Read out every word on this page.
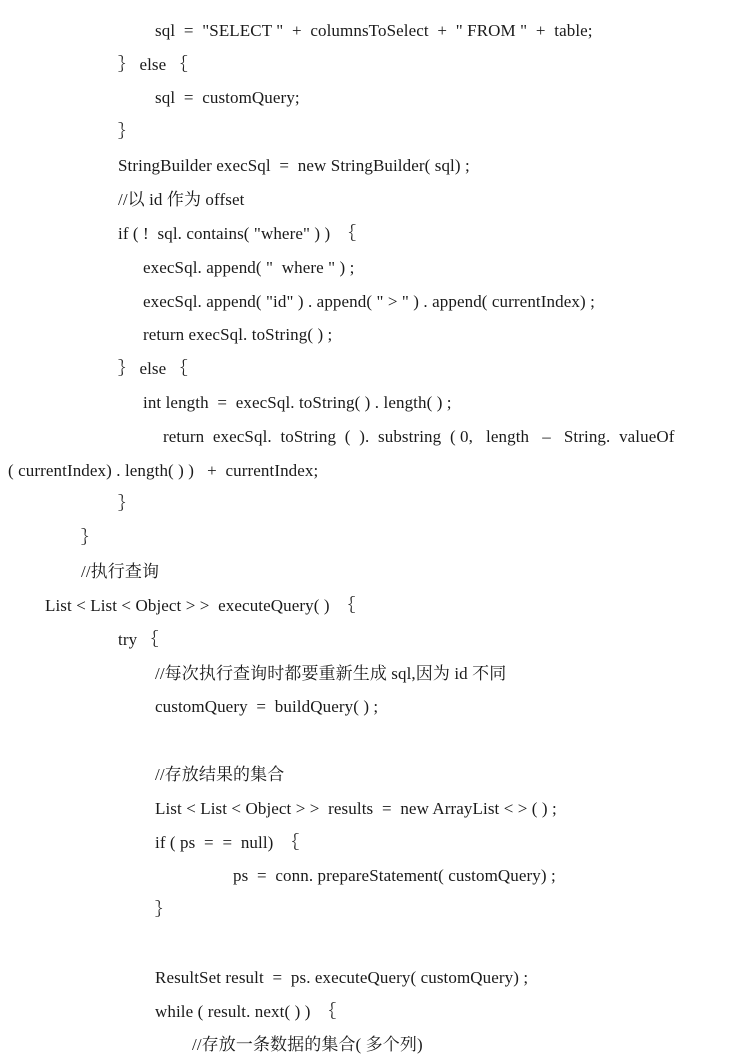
sql  =  "SELECT "  +  columnsToSelect  +  " FROM "  +  table;
｝ else ｛
sql  =  customQuery;
｝
StringBuilder execSql  =  new StringBuilder( sql) ;
//以 id 作为 offset
if ( !  sql. contains( "where" ) )  ｛
execSql. append( "  where " ) ;
execSql. append( "id" ) . append( " > " ) . append( currentIndex) ;
return execSql. toString( ) ;
｝ else ｛
int length  =  execSql. toString( ) . length( ) ;
return  execSql.  toString  (  ).  substring  ( 0,   length   –   String.  valueOf
( currentIndex) . length( ) )   +  currentIndex;
｝
｝
//执行查询
List < List < Object > >  executeQuery( )  ｛
try ｛
//每次执行查询时都要重新生成 sql,因为 id 不同
customQuery  =  buildQuery( ) ;
//存放结果的集合
List < List < Object > >  results  =  new ArrayList < > ( ) ;
if ( ps  =  =  null)  ｛
ps  =  conn. prepareStatement( customQuery) ;
｝
ResultSet result  =  ps. executeQuery( customQuery) ;
while ( result. next( ) )  ｛
//存放一条数据的集合( 多个列)
